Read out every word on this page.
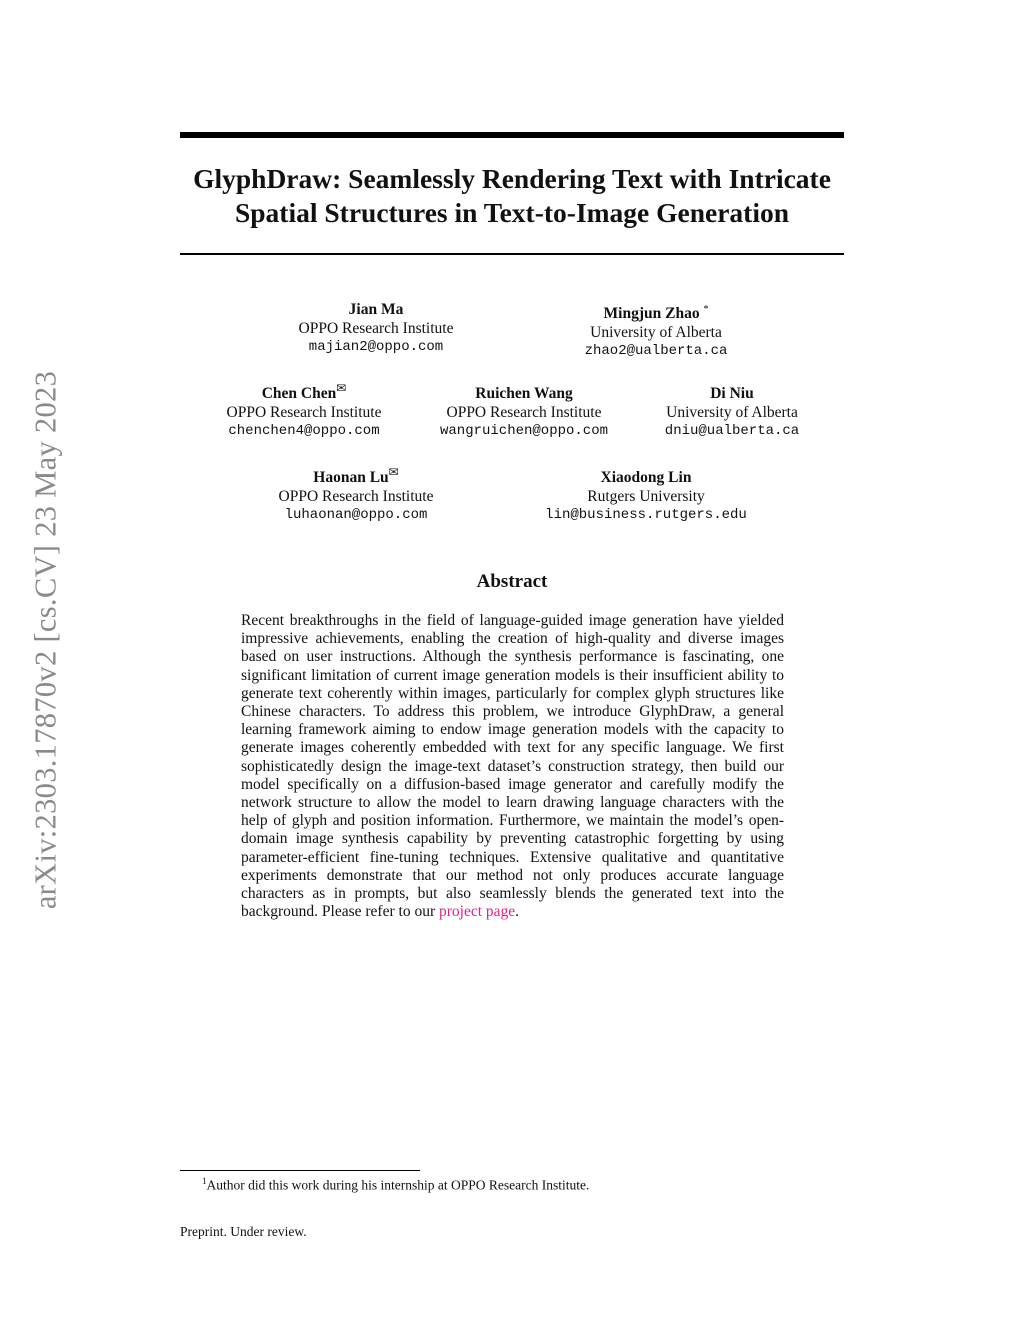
arXiv:2303.17870v2 [cs.CV] 23 May 2023
GlyphDraw: Seamlessly Rendering Text with Intricate
Spatial Structures in Text-to-Image Generation
Jian Ma
OPPO Research Institute
majian2@oppo.com
Mingjun Zhao *
University of Alberta
zhao2@ualberta.ca
Chen Chen✉
OPPO Research Institute
chenchen4@oppo.com
Ruichen Wang
OPPO Research Institute
wangruichen@oppo.com
Di Niu
University of Alberta
dniu@ualberta.ca
Haonan Lu✉
OPPO Research Institute
luhaonan@oppo.com
Xiaodong Lin
Rutgers University
lin@business.rutgers.edu
Abstract
Recent breakthroughs in the field of language-guided image generation have yielded impressive achievements, enabling the creation of high-quality and diverse images based on user instructions. Although the synthesis performance is fascinating, one significant limitation of current image generation models is their insufficient ability to generate text coherently within images, particularly for complex glyph structures like Chinese characters. To address this problem, we introduce GlyphDraw, a general learning framework aiming to endow image generation models with the capacity to generate images coherently embedded with text for any specific language. We first sophisticatedly design the image-text dataset’s construction strategy, then build our model specifically on a diffusion-based image generator and carefully modify the network structure to allow the model to learn drawing language characters with the help of glyph and position information. Furthermore, we maintain the model’s open-domain image synthesis capability by preventing catastrophic forgetting by using parameter-efficient fine-tuning techniques. Extensive qualitative and quantitative experiments demonstrate that our method not only produces accurate language characters as in prompts, but also seamlessly blends the generated text into the background. Please refer to our project page.
$^1$Author did this work during his internship at OPPO Research Institute.
Preprint. Under review.
